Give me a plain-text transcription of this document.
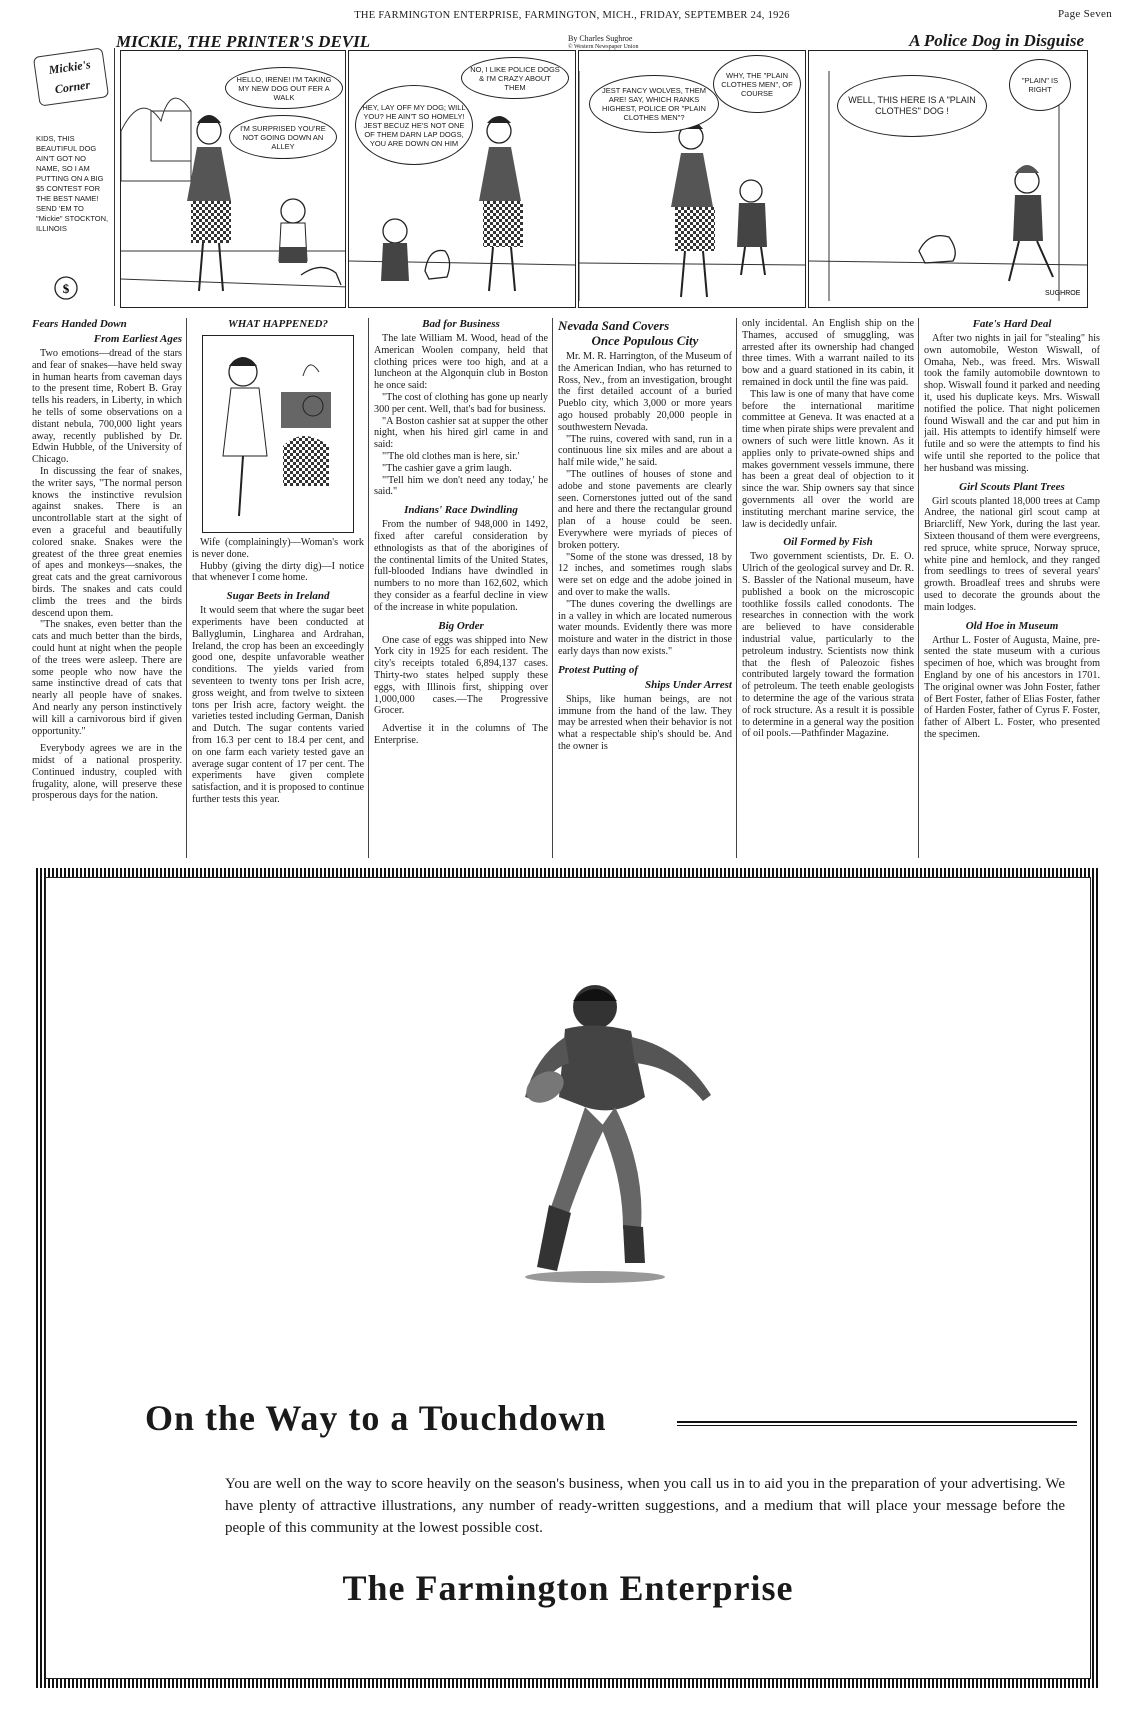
THE FARMINGTON ENTERPRISE, FARMINGTON, MICH., FRIDAY, SEPTEMBER 24, 1926	Page Seven
MICKIE, THE PRINTER'S DEVIL	By Charles Sughroe
© Western Newspaper Union	A Police Dog in Disguise
Mickie's Corner
KIDS, THIS BEAUTIFUL DOG AIN'T GOT NO NAME, SO I AM PUTTING ON A BIG $5 CONTEST FOR THE BEST NAME! SEND 'EM TO "Mickie" STOCKTON, ILLINOIS
$
HELLO, IRENE! I'M TAKING MY NEW DOG OUT FER A WALK
I'M SURPRISED YOU'RE NOT GOING DOWN AN ALLEY
HEY, LAY OFF MY DOG; WILL YOU? HE AIN'T SO HOMELY! JEST BECUZ HE'S NOT ONE OF THEM DARN LAP DOGS, YOU ARE DOWN ON HIM
NO, I LIKE POLICE DOGS & I'M CRAZY ABOUT THEM	JEST FANCY WOLVES, THEM ARE! SAY, WHICH RANKS HIGHEST, POLICE OR "PLAIN CLOTHES MEN"?
WHY, THE "PLAIN CLOTHES MEN", OF COURSE
SUGHROE
WELL, THIS HERE IS A "PLAIN CLOTHES" DOG !
"PLAIN" IS RIGHT
Fears Handed Down
From Earliest Ages

Two emotions—dread of the stars and fear of snakes—have held sway in human hearts from caveman days to the present time, Robert B. Gray tells his readers, in Liberty, in which he tells of some observations on a distant nebula, 700,000 light years away, recently published by Dr. Edwin Hubble, of the University of Chicago.

In discussing the fear of snakes, the writer says, "The normal person knows the instinctive revulsion against snakes. There is an uncontrollable start at the sight of even a graceful and beautifully colored snake. Snakes were the greatest of the three great enemies of apes and monkeys—snakes, the great cats and the great carnivorous birds. The snakes and cats could climb the trees and the birds descend upon them.

"The snakes, even better than the cats and much better than the birds, could hunt at night when the people of the trees were asleep. There are some people who now have the same instinctive dread of cats that nearly all people have of snakes. And nearly any person instinctively will kill a carnivorous bird if given opportunity."

Everybody agrees we are in the midst of a national prosperity. Continued industry, coupled with frugality, alone, will preserve these prosperous days for the nation.

WHAT HAPPENED?

Wife (complainingly)—Woman's work is never done.

Hubby (giving the dirty dig)—I notice that whenever I come home.

Sugar Beets in Ireland

It would seem that where the sugar beet experiments have been conducted at Ballyglumin, Lingharea and Ardrahan, Ireland, the crop has been an exceedingly good one, despite unfavorable weather conditions. The yields varied from seventeen to twenty tons per Irish acre, gross weight, and from twelve to sixteen tons per Irish acre, factory weight. the varieties tested including German, Danish and Dutch. The sugar contents varied from 16.3 per cent to 18.4 per cent, and on one farm each variety tested gave an average sugar content of 17 per cent. The experiments have given complete satisfaction, and it is proposed to continue further tests this year.

Bad for Business

The late William M. Wood, head of the American Woolen company, held that clothing prices were too high, and at a luncheon at the Algonquin club in Boston he once said:

"The cost of clothing has gone up nearly 300 per cent. Well, that's bad for business.

"A Boston cashier sat at supper the other night, when his hired girl came in and said:

"'The old clothes man is here, sir.'

"The cashier gave a grim laugh.

"'Tell him we don't need any today,' he said."

Indians' Race Dwindling

From the number of 948,000 in 1492, fixed after careful consideration by ethnologists as that of the aborigines of the continental limits of the United States, full-blooded Indians have dwindled in numbers to no more than 162,602, which they consider as a fearful decline in view of the increase in white population.

Big Order

One case of eggs was shipped into New York city in 1925 for each resident. The city's receipts totaled 6,894,137 cases. Thirty-two states helped supply these eggs, with Illinois first, shipping over 1,000,000 cases.—The Progressive Grocer.

Advertise it in the columns of The Enterprise.

Nevada Sand Covers
Once Populous City

Mr. M. R. Harrington, of the Museum of the American Indian, who has returned to Ross, Nev., from an investigation, brought the first detailed account of a buried Pueblo city, which 3,000 or more years ago housed probably 20,000 people in southwestern Nevada.

"The ruins, covered with sand, run in a continuous line six miles and are about a half mile wide," he said.

"The outlines of houses of stone and adobe and stone pavements are clearly seen. Cornerstones jutted out of the sand and here and there the rectangular ground plan of a house could be seen. Everywhere were myriads of pieces of broken pottery.

"Some of the stone was dressed, 18 by 12 inches, and sometimes rough slabs were set on edge and the adobe joined in and over to make the walls.

"The dunes covering the dwellings are in a valley in which are located numerous water mounds. Evidently there was more moisture and water in the district in those early days than now exists."

Protest Putting of
Ships Under Arrest

Ships, like human beings, are not immune from the hand of the law. They may be arrested when their behavior is not what a respectable ship's should be. And the owner is

only incidental. An English ship on the Thames, accused of smuggling, was arrested after its ownership had changed three times. With a warrant nailed to its bow and a guard stationed in its cabin, it remained in dock until the fine was paid.

This law is one of many that have come before the international maritime committee at Geneva. It was enacted at a time when pirate ships were prevalent and owners of such were little known. As it applies only to private-owned ships and makes government vessels immune, there has been a great deal of objection to it since the war. Ship owners say that since governments all over the world are instituting merchant marine service, the law is decidedly unfair.

Oil Formed by Fish

Two government scientists, Dr. E. O. Ulrich of the geological survey and Dr. R. S. Bassler of the National museum, have published a book on the microscopic toothlike fossils called conodonts. The researches in connection with the work are believed to have considerable industrial value, particularly to the petroleum industry. Scientists now think that the flesh of Paleozoic fishes contributed largely toward the formation of petroleum. The teeth enable geologists to determine the age of the various strata of rock structure. As a result it is possible to determine in a general way the position of oil pools.—Pathfinder Magazine.

Fate's Hard Deal

After two nights in jail for "stealing" his own automobile, Weston Wiswall, of Omaha, Neb., was freed. Mrs. Wiswall took the family automobile downtown to shop. Wiswall found it parked and needing it, used his duplicate keys. Mrs. Wiswall notified the police. That night policemen found Wiswall and the car and put him in jail. His attempts to identify himself were futile and so were the attempts to find his wife until she reported to the police that her husband was missing.

Girl Scouts Plant Trees

Girl scouts planted 18,000 trees at Camp Andree, the national girl scout camp at Briarcliff, New York, during the last year. Sixteen thousand of them were evergreens, red spruce, white spruce, Norway spruce, white pine and hemlock, and they ranged from seedlings to trees of several years' growth. Broadleaf trees and shrubs were used to decorate the grounds about the main lodges.

Old Hoe in Museum

Arthur L. Foster of Augusta, Maine, pre-sented the state museum with a curious specimen of hoe, which was brought from England by one of his ancestors in 1701. The original owner was John Foster, father of Bert Foster, father of Elias Foster, father of Harden Foster, father of Cyrus F. Foster, father of Albert L. Foster, who presented the specimen.

On the Way to a Touchdown
You are well on the way to score heavily on the season's business, when you call us in to aid you in the preparation of your advertising. We have plenty of attractive illustrations, any number of ready-written suggestions, and a medium that will place your message before the people of this community at the lowest possible cost.
The Farmington Enterprise
